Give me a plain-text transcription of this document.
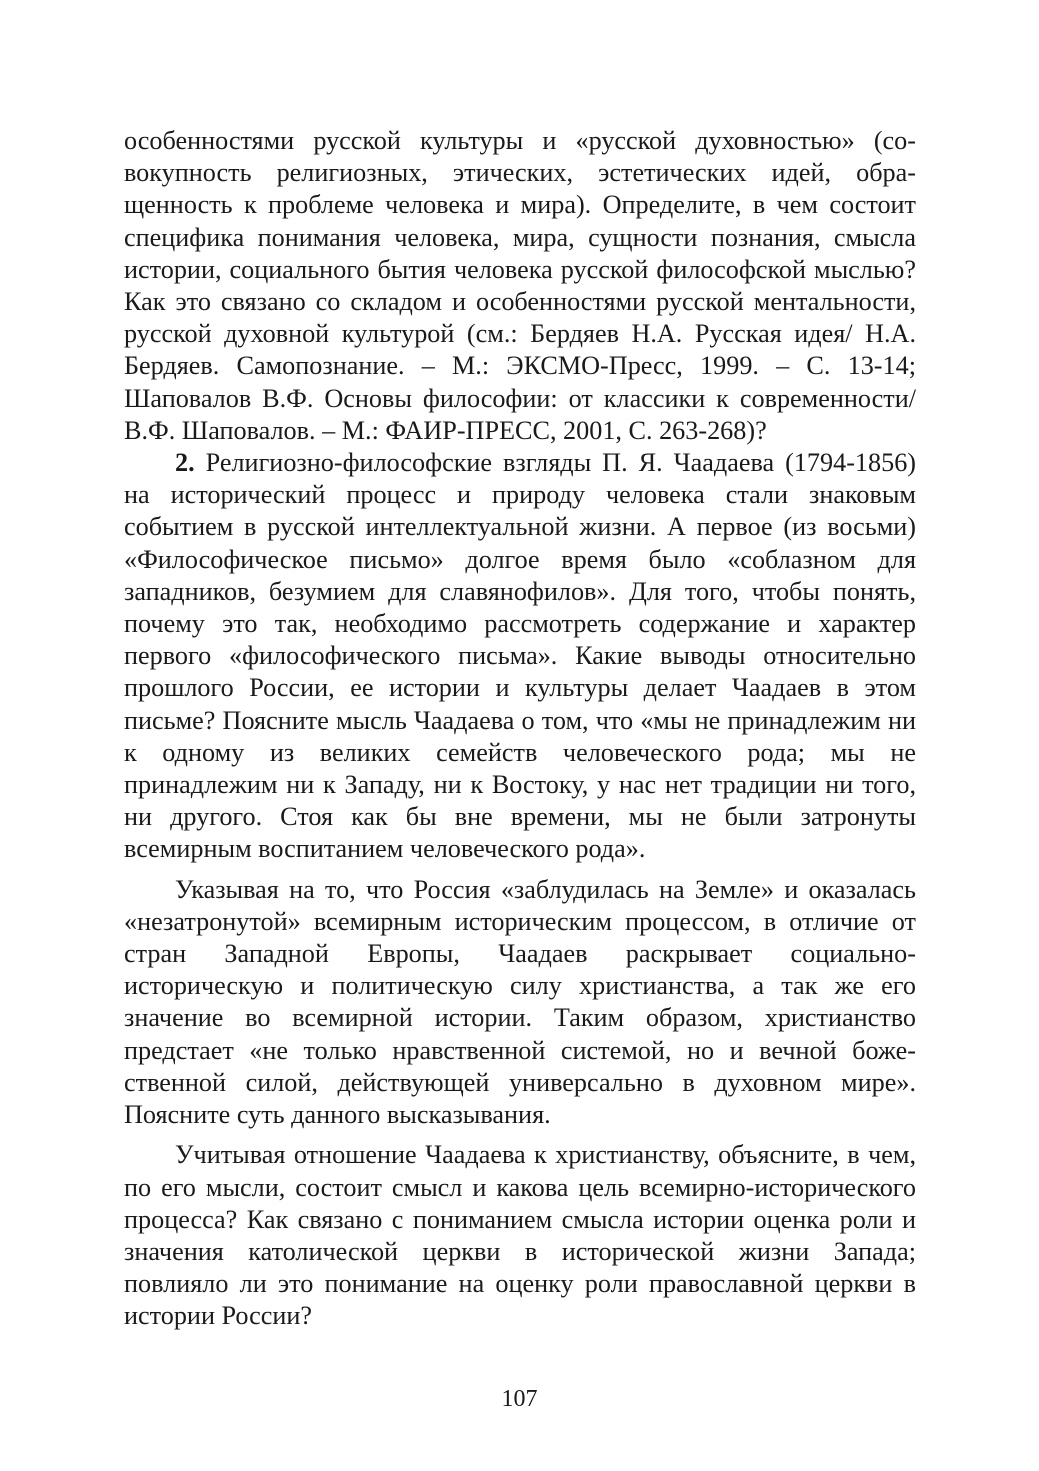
особенностями русской культуры и «русской духовностью» (совокупность религиозных, этических, эстетических идей, обращенность к проблеме человека и мира). Определите, в чем состоит специфика понимания человека, мира, сущности познания, смысла истории, социального бытия человека русской философской мыслью? Как это связано со складом и особенностями русской ментальности, русской духовной культурой (см.: Бердяев Н.А. Русская идея/ Н.А. Бердяев. Самопознание. – М.: ЭКСМО-Пресс, 1999. – С. 13-14; Шаповалов В.Ф. Основы философии: от классики к современности/ В.Ф. Шаповалов. – М.: ФАИР-ПРЕСС, 2001, С. 263-268)?

2. Религиозно-философские взгляды П. Я. Чаадаева (1794-1856) на исторический процесс и природу человека стали знаковым событием в русской интеллектуальной жизни. А первое (из восьми) «Философическое письмо» долгое время было «соблазном для западников, безумием для славянофилов». Для того, чтобы понять, почему это так, необходимо рассмотреть содержание и характер первого «философического письма». Какие выводы относительно прошлого России, ее истории и культуры делает Чаадаев в этом письме? Поясните мысль Чаадаева о том, что «мы не принадлежим ни к одному из великих семейств человеческого рода; мы не принадлежим ни к Западу, ни к Востоку, у нас нет традиции ни того, ни другого. Стоя как бы вне времени, мы не были затронуты всемирным воспитанием человеческого рода».

Указывая на то, что Россия «заблудилась на Земле» и оказалась «незатронутой» всемирным историческим процессом, в отличие от стран Западной Европы, Чаадаев раскрывает социально-историческую и политическую силу христианства, а так же его значение во всемирной истории. Таким образом, христианство предстает «не только нравственной системой, но и вечной божественной силой, действующей универсально в духовном мире». Поясните суть данного высказывания.

Учитывая отношение Чаадаева к христианству, объясните, в чем, по его мысли, состоит смысл и какова цель всемирно-исторического процесса? Как связано с пониманием смысла истории оценка роли и значения католической церкви в исторической жизни Запада; повлияло ли это понимание на оценку роли православной церкви в истории России?

107
